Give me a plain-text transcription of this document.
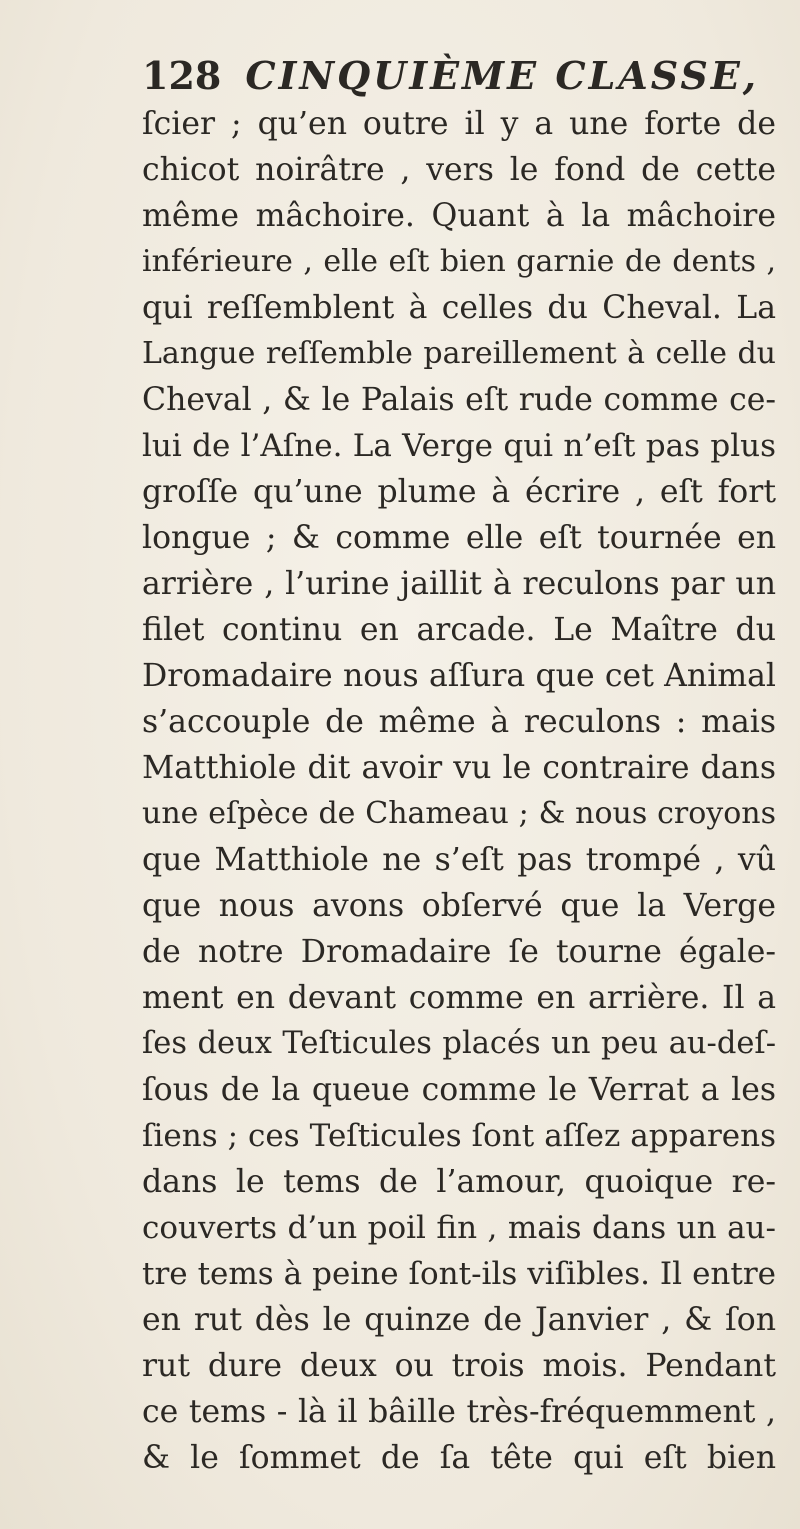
128 CINQUIÈME CLASSE,
ſcier ; qu’en outre il y a une forte de
chicot noirâtre , vers le fond de cette
même mâchoire. Quant à la mâchoire
inférieure , elle eſt bien garnie de dents ,
qui reſſemblent à celles du Cheval. La
Langue reſſemble pareillement à celle du
Cheval , & le Palais eſt rude comme ce-
lui de l’Aſne. La Verge qui n’eſt pas plus
groſſe qu’une plume à écrire , eſt fort
longue ; & comme elle eſt tournée en
arrière , l’urine jaillit à reculons par un
filet continu en arcade. Le Maître du
Dromadaire nous aſſura que cet Animal
s’accouple de même à reculons : mais
Matthiole dit avoir vu le contraire dans
une eſpèce de Chameau ; & nous croyons
que Matthiole ne s’eſt pas trompé , vû
que nous avons obſervé que la Verge
de notre Dromadaire ſe tourne égale-
ment en devant comme en arrière. Il a
ſes deux Teſticules placés un peu au-deſ-
ſous de la queue comme le Verrat a les
ſiens ; ces Teſticules ſont aſſez apparens
dans le tems de l’amour, quoique re-
couverts d’un poil fin , mais dans un au-
tre tems à peine ſont-ils viſibles. Il entre
en rut dès le quinze de Janvier , & ſon
rut dure deux ou trois mois. Pendant
ce tems - là il bâille très-fréquemment ,
& le ſommet de ſa tête qui eſt bien
